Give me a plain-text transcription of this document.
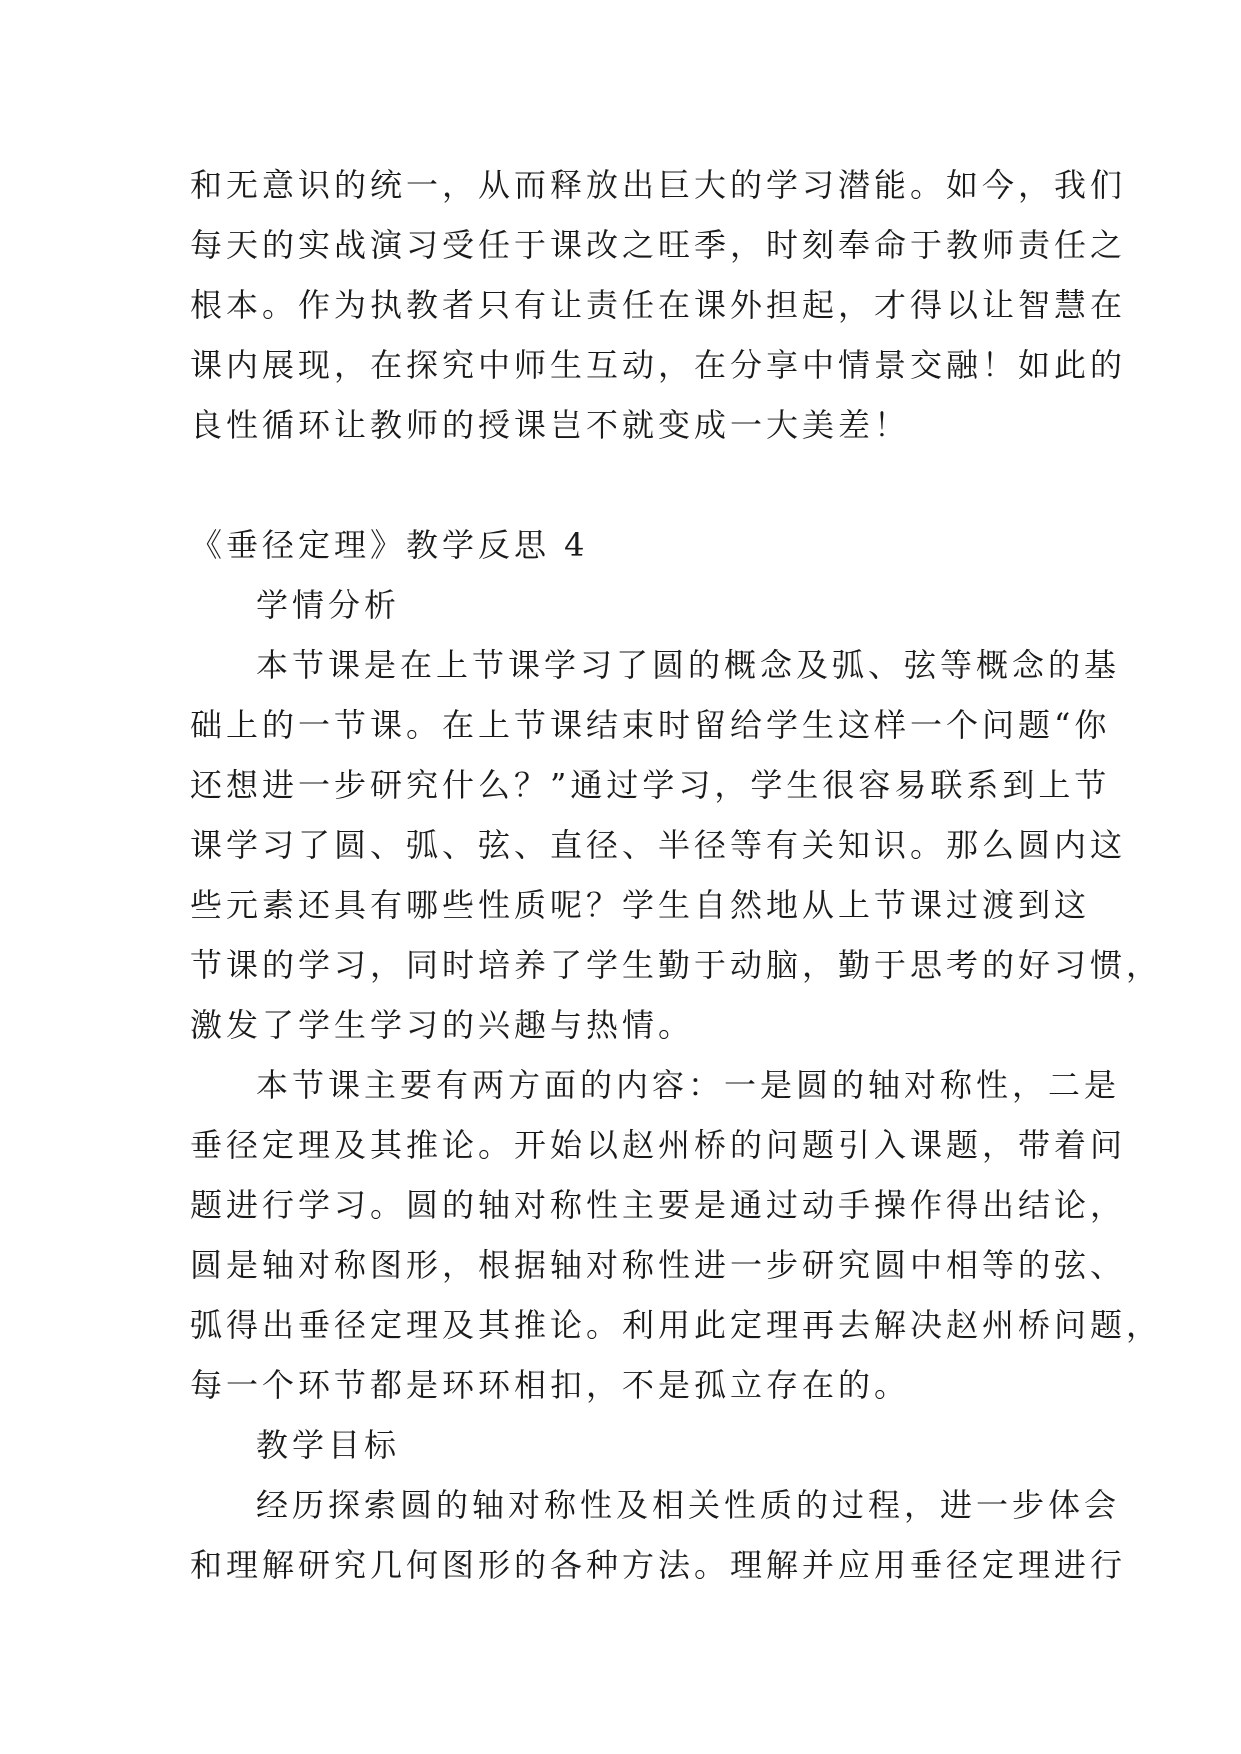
和无意识的统一，从而释放出巨大的学习潜能。如今，我们
每天的实战演习受任于课改之旺季，时刻奉命于教师责任之
根本。作为执教者只有让责任在课外担起，才得以让智慧在
课内展现，在探究中师生互动，在分享中情景交融！如此的
良性循环让教师的授课岂不就变成一大美差！
《垂径定理》教学反思 4
学情分析
本节课是在上节课学习了圆的概念及弧、弦等概念的基
础上的一节课。在上节课结束时留给学生这样一个问题“你
还想进一步研究什么？”通过学习，学生很容易联系到上节
课学习了圆、弧、弦、直径、半径等有关知识。那么圆内这
些元素还具有哪些性质呢？学生自然地从上节课过渡到这
节课的学习，同时培养了学生勤于动脑，勤于思考的好习惯，
激发了学生学习的兴趣与热情。
本节课主要有两方面的内容：一是圆的轴对称性，二是
垂径定理及其推论。开始以赵州桥的问题引入课题，带着问
题进行学习。圆的轴对称性主要是通过动手操作得出结论，
圆是轴对称图形，根据轴对称性进一步研究圆中相等的弦、
弧得出垂径定理及其推论。利用此定理再去解决赵州桥问题，
每一个环节都是环环相扣，不是孤立存在的。
教学目标
经历探索圆的轴对称性及相关性质的过程，进一步体会
和理解研究几何图形的各种方法。理解并应用垂径定理进行
